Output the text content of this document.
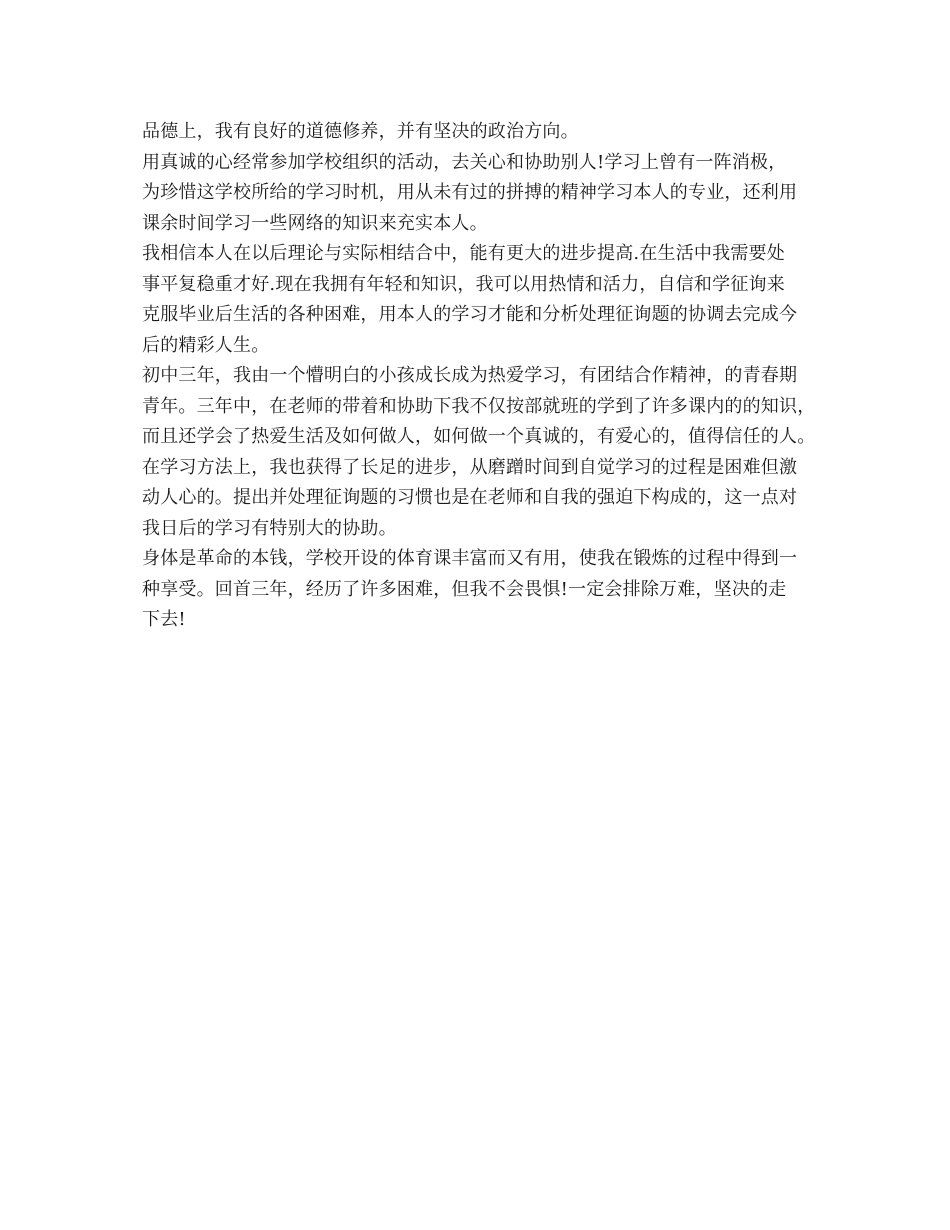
品德上，我有良好的道德修养，并有坚决的政治方向。
用真诚的心经常参加学校组织的活动，去关心和协助别人!学习上曾有一阵消极，
为珍惜这学校所给的学习时机，用从未有过的拼搏的精神学习本人的专业，还利用
课余时间学习一些网络的知识来充实本人。
我相信本人在以后理论与实际相结合中，能有更大的进步提高.在生活中我需要处
事平复稳重才好.现在我拥有年轻和知识，我可以用热情和活力，自信和学征询来
克服毕业后生活的各种困难，用本人的学习才能和分析处理征询题的协调去完成今
后的精彩人生。
初中三年，我由一个懵明白的小孩成长成为热爱学习，有团结合作精神，的青春期
青年。三年中，在老师的带着和协助下我不仅按部就班的学到了许多课内的的知识，
而且还学会了热爱生活及如何做人，如何做一个真诚的，有爱心的，值得信任的人。
在学习方法上，我也获得了长足的进步，从磨蹭时间到自觉学习的过程是困难但激
动人心的。提出并处理征询题的习惯也是在老师和自我的强迫下构成的，这一点对
我日后的学习有特别大的协助。
身体是革命的本钱，学校开设的体育课丰富而又有用，使我在锻炼的过程中得到一
种享受。回首三年，经历了许多困难，但我不会畏惧!一定会排除万难，坚决的走
下去!
